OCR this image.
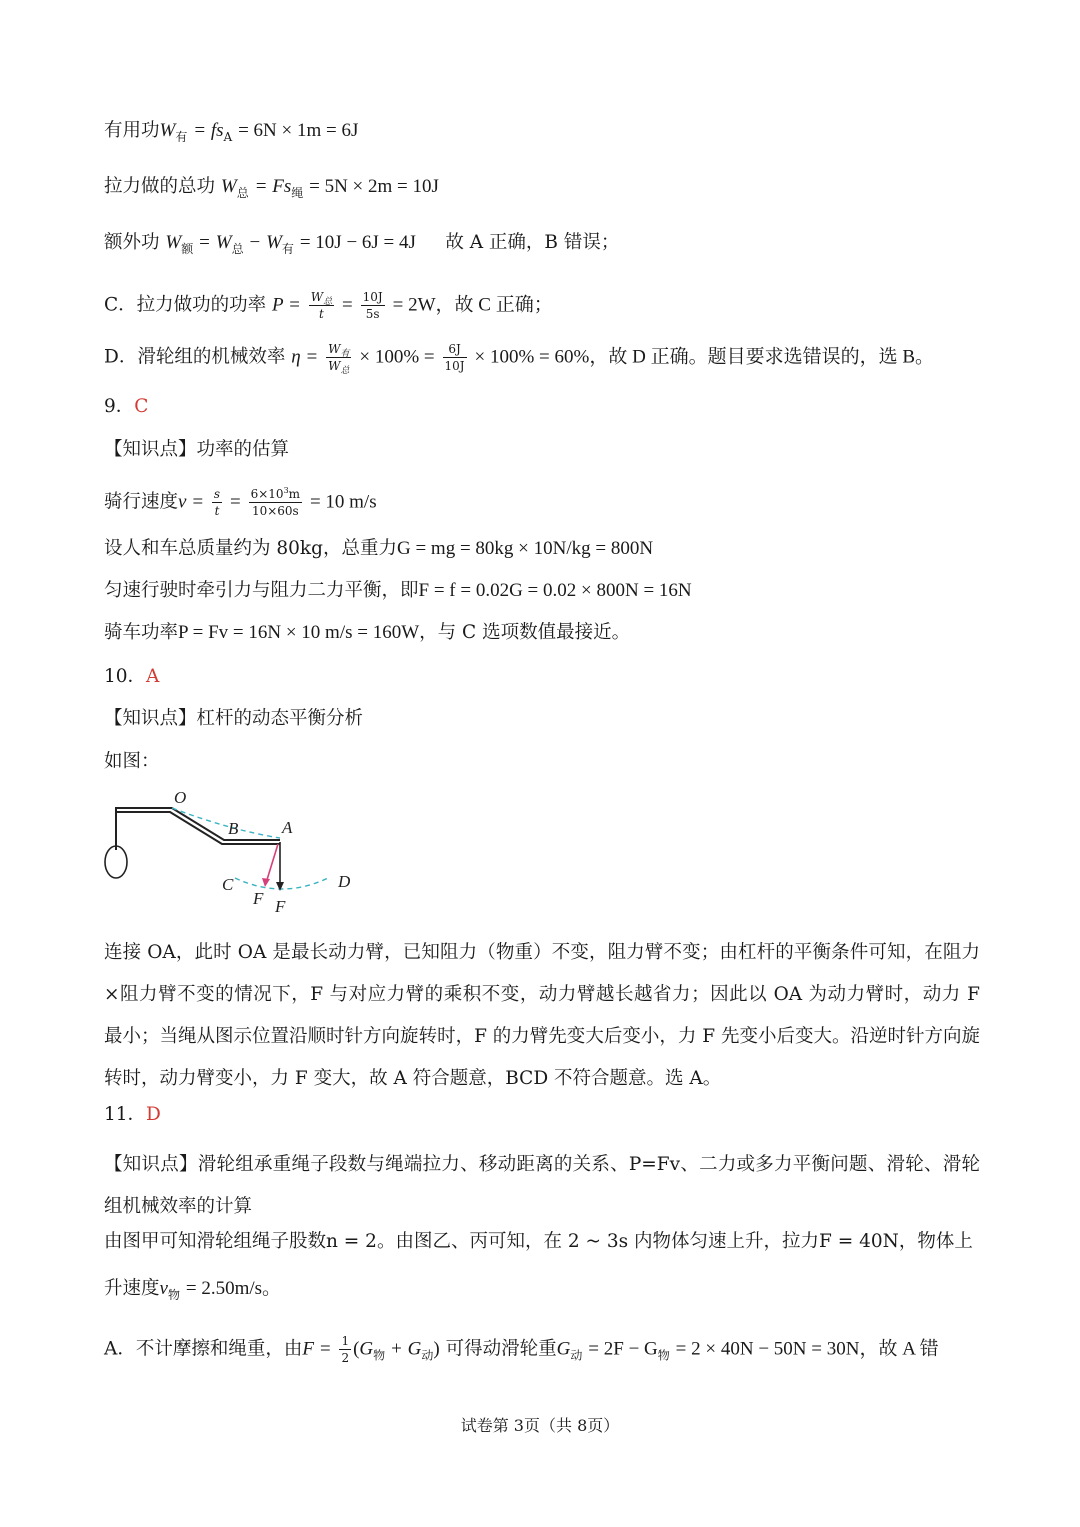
有用功$W_有 = fs_A = 6N \times 1m = 6J$
拉力做的总功 $W_总 = Fs_绳 = 5N \times 2m = 10J$
额外功 $W_额 = W_总 - W_有 = 10J - 6J = 4J$ 故 A 正确，B 错误；
C．拉力做功的功率 $P = \frac{W_总}{t} = \frac{10J}{5s} = 2W$，故 C 正确；
D．滑轮组的机械效率 $\eta = \frac{W_有}{W_总} \times 100\% = \frac{6J}{10J} \times 100\% = 60\%$，故 D 正确。题目要求选错误的，选 B。
9．C
【知识点】功率的估算
骑行速度$v = \frac{s}{t} = \frac{6\times 10^3m}{10\times 60s} = 10$ m/s
设人和车总质量约为 80kg，总重力G = mg = 80kg × 10N/kg = 800N
匀速行驶时牵引力与阻力二力平衡，即F = f = 0.02G = 0.02 × 800N = 16N
骑车功率P = Fv = 16N × 10 m/s = 160W，与 C 选项数值最接近。
10．A
【知识点】杠杆的动态平衡分析
如图：
O
B	A
C	D
F F
连接 OA，此时 OA 是最长动力臂，已知阻力（物重）不变，阻力臂不变；由杠杆的平衡条件可知，在阻力×阻力臂不变的情况下，F 与对应力臂的乘积不变，动力臂越长越省力；因此以 OA 为动力臂时，动力 F 最小；当绳从图示位置沿顺时针方向旋转时，F 的力臂先变大后变小，力 F 先变小后变大。沿逆时针方向旋转时，动力臂变小，力 F 变大，故 A 符合题意，BCD 不符合题意。选 A。
11．D
【知识点】滑轮组承重绳子段数与绳端拉力、移动距离的关系、P=Fv、二力或多力平衡问题、滑轮、滑轮组机械效率的计算
由图甲可知滑轮组绳子股数n = 2。由图乙、丙可知，在 2 ~ 3s 内物体匀速上升，拉力F = 40N，物体上
升速度$v_物 = 2.50m/s$。
A．不计摩擦和绳重，由$F = \frac{1}{2} (G_物 + G_动)$ 可得动滑轮重$G_动 = 2F - G_物 = 2 \times 40N - 50N = 30N$，故 A 错
试卷第 3页（共 8页）
